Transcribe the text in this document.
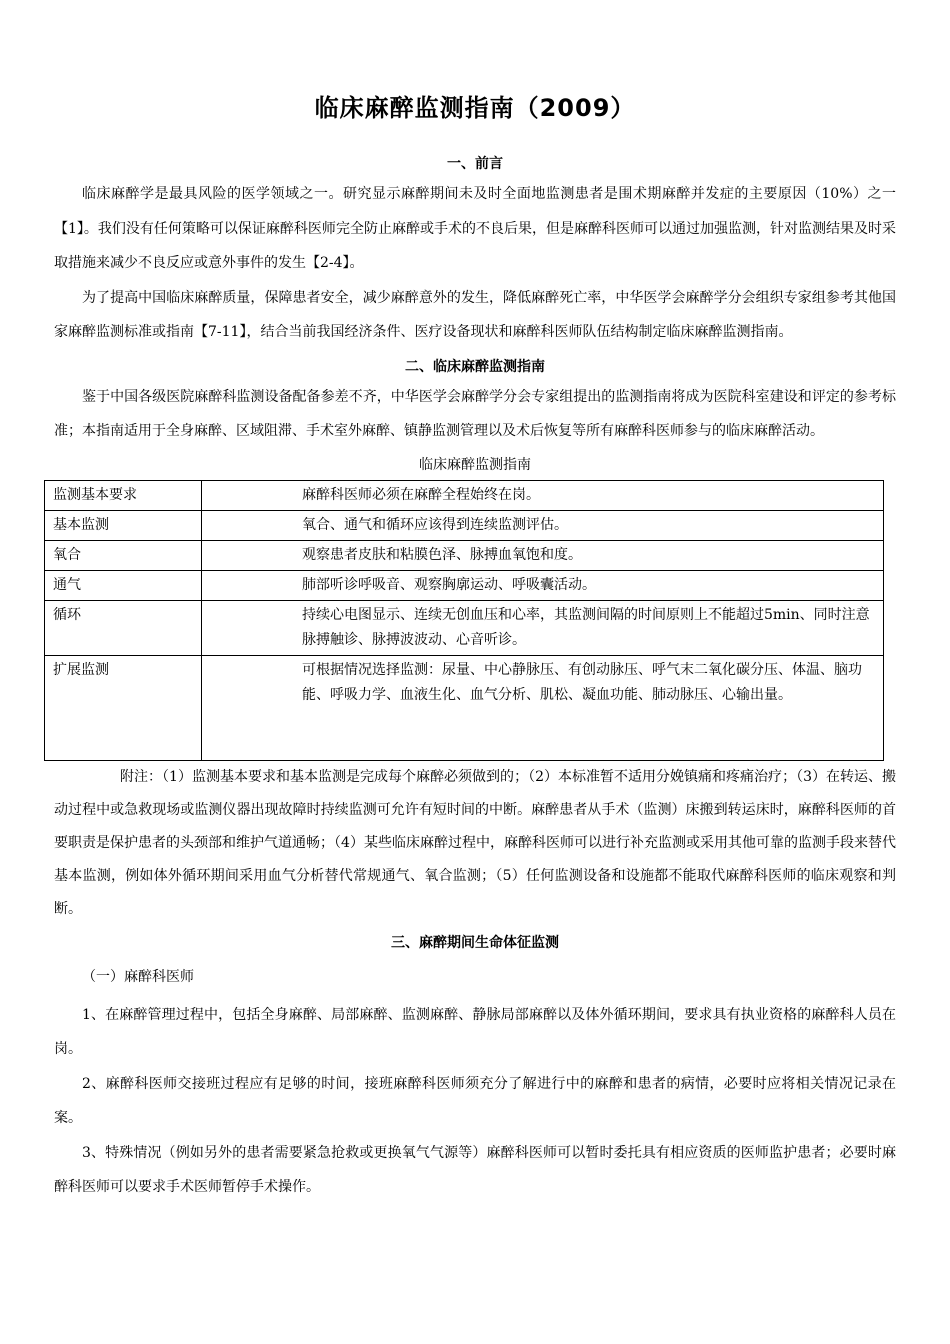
临床麻醉监测指南（2009）
一、前言

临床麻醉学是最具风险的医学领域之一。研究显示麻醉期间未及时全面地监测患者是围术期麻醉并发症的主要原因（10%）之一【1】。我们没有任何策略可以保证麻醉科医师完全防止麻醉或手术的不良后果，但是麻醉科医师可以通过加强监测，针对监测结果及时采取措施来减少不良反应或意外事件的发生【2-4】。

为了提高中国临床麻醉质量，保障患者安全，减少麻醉意外的发生，降低麻醉死亡率，中华医学会麻醉学分会组织专家组参考其他国家麻醉监测标准或指南【7-11】，结合当前我国经济条件、医疗设备现状和麻醉科医师队伍结构制定临床麻醉监测指南。

二、临床麻醉监测指南

鉴于中国各级医院麻醉科监测设备配备参差不齐，中华医学会麻醉学分会专家组提出的监测指南将成为医院科室建设和评定的参考标准；本指南适用于全身麻醉、区域阻滞、手术室外麻醉、镇静监测管理以及术后恢复等所有麻醉科医师参与的临床麻醉活动。

临床麻醉监测指南
监测基本要求	麻醉科医师必须在麻醉全程始终在岗。
基本监测	氧合、通气和循环应该得到连续监测评估。
氧合	观察患者皮肤和粘膜色泽、脉搏血氧饱和度。
通气	肺部听诊呼吸音、观察胸廓运动、呼吸囊活动。
循环	持续心电图显示、连续无创血压和心率，其监测间隔的时间原则上不能超过5min、同时注意脉搏触诊、脉搏波波动、心音听诊。
扩展监测	可根据情况选择监测：尿量、中心静脉压、有创动脉压、呼气末二氧化碳分压、体温、脑功能、呼吸力学、血液生化、血气分析、肌松、凝血功能、肺动脉压、心输出量。

附注：（1）监测基本要求和基本监测是完成每个麻醉必须做到的；（2）本标准暂不适用分娩镇痛和疼痛治疗；（3）在转运、搬动过程中或急救现场或监测仪器出现故障时持续监测可允许有短时间的中断。麻醉患者从手术（监测）床搬到转运床时，麻醉科医师的首要职责是保护患者的头颈部和维护气道通畅；（4）某些临床麻醉过程中，麻醉科医师可以进行补充监测或采用其他可靠的监测手段来替代基本监测，例如体外循环期间采用血气分析替代常规通气、氧合监测；（5）任何监测设备和设施都不能取代麻醉科医师的临床观察和判断。

三、麻醉期间生命体征监测

（一）麻醉科医师

1、在麻醉管理过程中，包括全身麻醉、局部麻醉、监测麻醉、静脉局部麻醉以及体外循环期间，要求具有执业资格的麻醉科人员在岗。

2、麻醉科医师交接班过程应有足够的时间，接班麻醉科医师须充分了解进行中的麻醉和患者的病情，必要时应将相关情况记录在案。

3、特殊情况（例如另外的患者需要紧急抢救或更换氧气气源等）麻醉科医师可以暂时委托具有相应资质的医师监护患者；必要时麻醉科医师可以要求手术医师暂停手术操作。
